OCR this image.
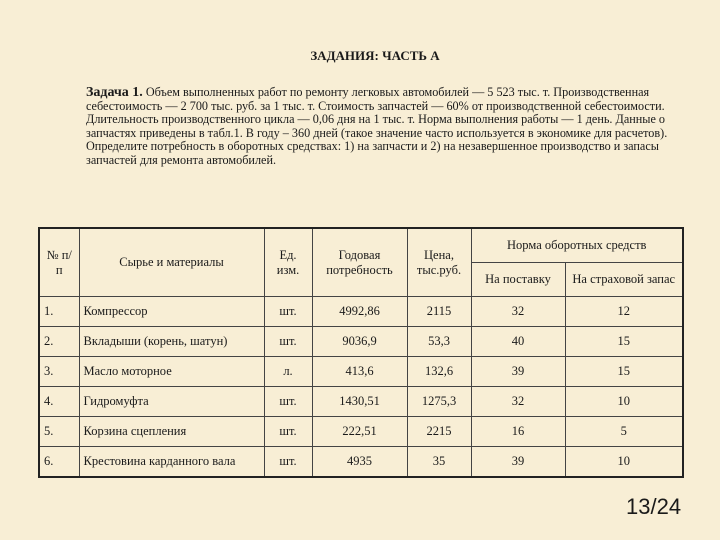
ЗАДАНИЯ: ЧАСТЬ А

Задача 1. Объем выполненных работ по ремонту легковых автомобилей — 5 523 тыс. т. Производственная себестоимость — 2 700 тыс. руб. за 1 тыс. т. Стоимость запчастей — 60% от производственной себестоимости. Длительность производственного цикла — 0,06 дня на 1 тыс. т. Норма выполнения работы — 1 день. Данные о запчастях приведены в табл.1. В году – 360 дней (такое значение часто используется в экономике для расчетов).

Определите потребность в оборотных средствах: 1) на запчасти и 2) на незавершенное производство и запасы запчастей для ремонта автомобилей.

№ п/п	Сырье и материалы	Ед. изм.	Годовая потребность	Цена, тыс.руб.	Норма оборотных средств	
					На поставку	На страховой запас
1.	Компрессор	шт.	4992,86	2115	32	12
2.	Вкладыши (корень, шатун)	шт.	9036,9	53,3	40	15
3.	Масло моторное	л.	413,6	132,6	39	15
4.	Гидромуфта	шт.	1430,51	1275,3	32	10
5.	Корзина сцепления	шт.	222,51	2215	16	5
6.	Крестовина карданного вала	шт.	4935	35	39	10
13/24
